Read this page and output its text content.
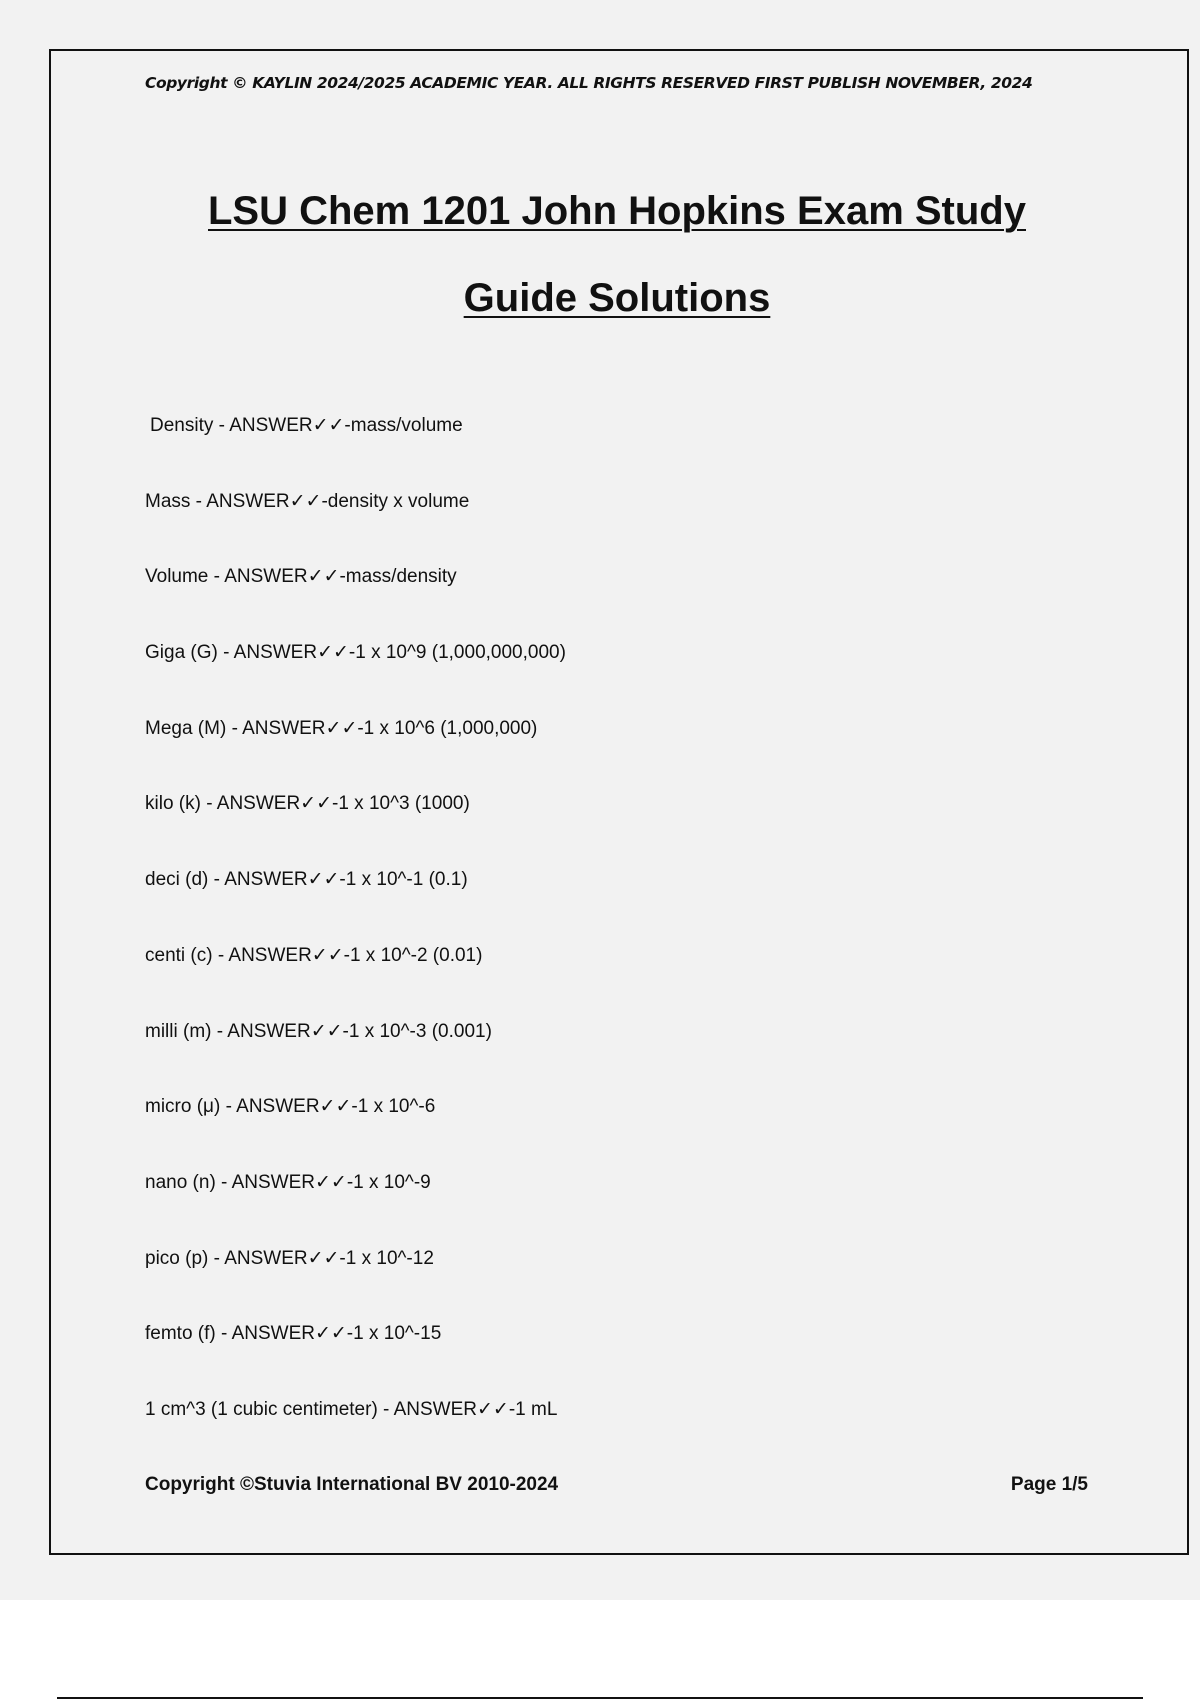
Copyright © KAYLIN 2024/2025 ACADEMIC YEAR. ALL RIGHTS RESERVED FIRST PUBLISH NOVEMBER, 2024
LSU Chem 1201 John Hopkins Exam Study
Guide Solutions
Density - ANSWER✓✓-mass/volume
Mass - ANSWER✓✓-density x volume
Volume - ANSWER✓✓-mass/density
Giga (G) - ANSWER✓✓-1 x 10^9 (1,000,000,000)
Mega (M) - ANSWER✓✓-1 x 10^6 (1,000,000)
kilo (k) - ANSWER✓✓-1 x 10^3 (1000)
deci (d) - ANSWER✓✓-1 x 10^-1 (0.1)
centi (c) - ANSWER✓✓-1 x 10^-2 (0.01)
milli (m) - ANSWER✓✓-1 x 10^-3 (0.001)
micro (μ) - ANSWER✓✓-1 x 10^-6
nano (n) - ANSWER✓✓-1 x 10^-9
pico (p) - ANSWER✓✓-1 x 10^-12
femto (f) - ANSWER✓✓-1 x 10^-15
1 cm^3 (1 cubic centimeter) - ANSWER✓✓-1 mL
Copyright ©Stuvia International BV 2010-2024	Page 1/5
